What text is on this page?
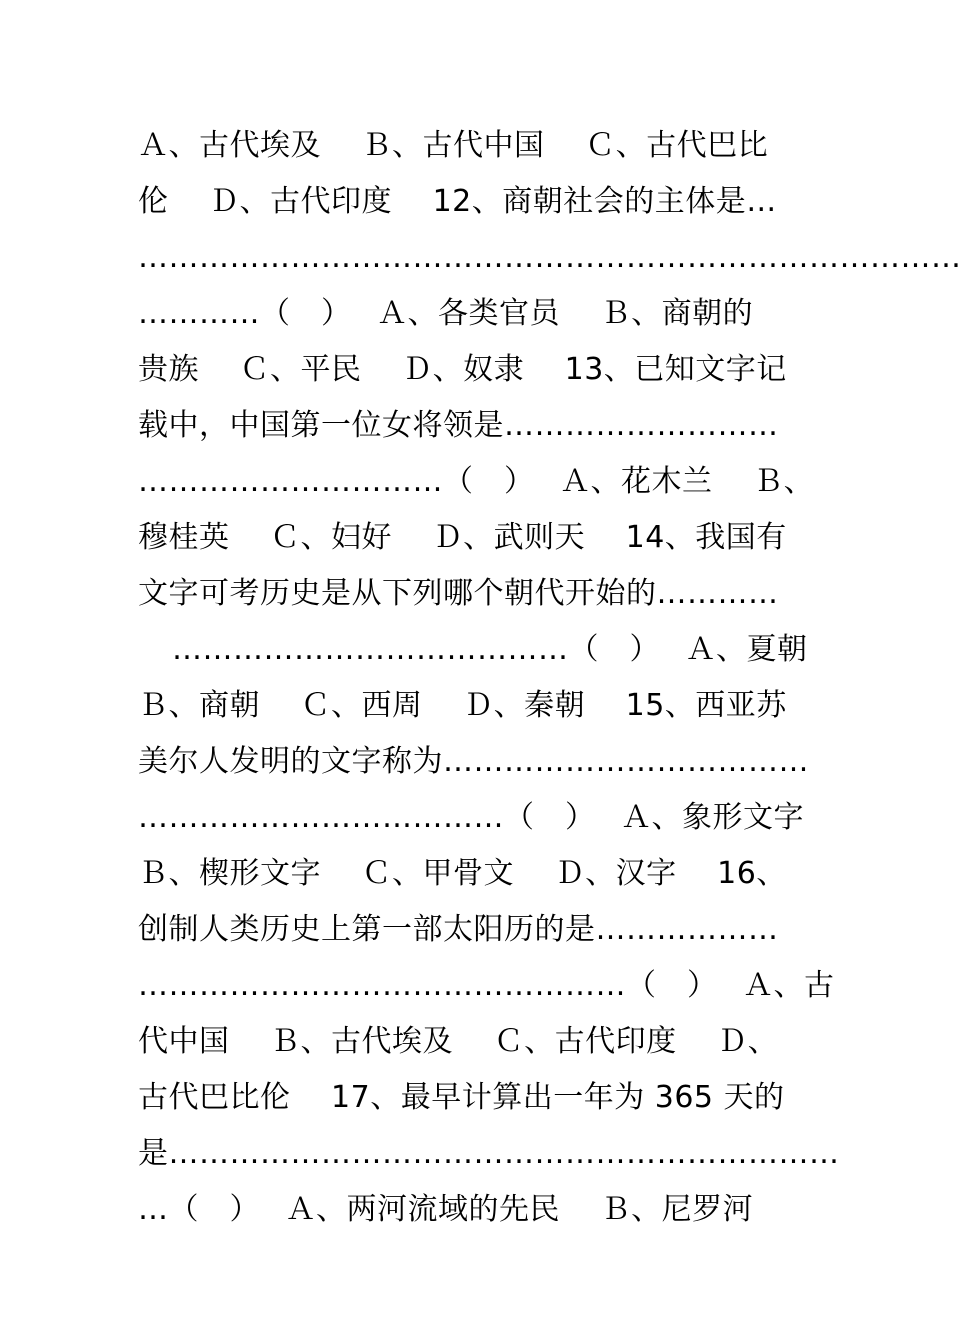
Ａ、古代埃及　 Ｂ、古代中国　 Ｃ、古代巴比
伦　 Ｄ、古代印度　 12、商朝社会的主体是…
………………………………………………………………………
…………（　）　 Ａ、各类官员　 Ｂ、商朝的
贵族　 Ｃ、平民　 Ｄ、奴隶　 13、已知文字记
载中，中国第一位女将领是………………………
…………………………（　）　 Ａ、花木兰　 Ｂ、
穆桂英　 Ｃ、妇好　 Ｄ、武则天　 14、我国有
文字可考历史是从下列哪个朝代开始的…………
…………………………………（　）　 Ａ、夏朝
Ｂ、商朝　 Ｃ、西周　 Ｄ、秦朝　 15、西亚苏
美尔人发明的文字称为………………………………
………………………………（　）　 Ａ、象形文字
Ｂ、楔形文字　 Ｃ、甲骨文　 Ｄ、汉字　 16、
创制人类历史上第一部太阳历的是………………
…………………………………………（　）　 Ａ、古
代中国　 Ｂ、古代埃及　 Ｃ、古代印度　 Ｄ、
古代巴比伦　 17、最早计算出一年为 365 天的
是…………………………………………………………
…（　）　 Ａ、两河流域的先民　 Ｂ、尼罗河
